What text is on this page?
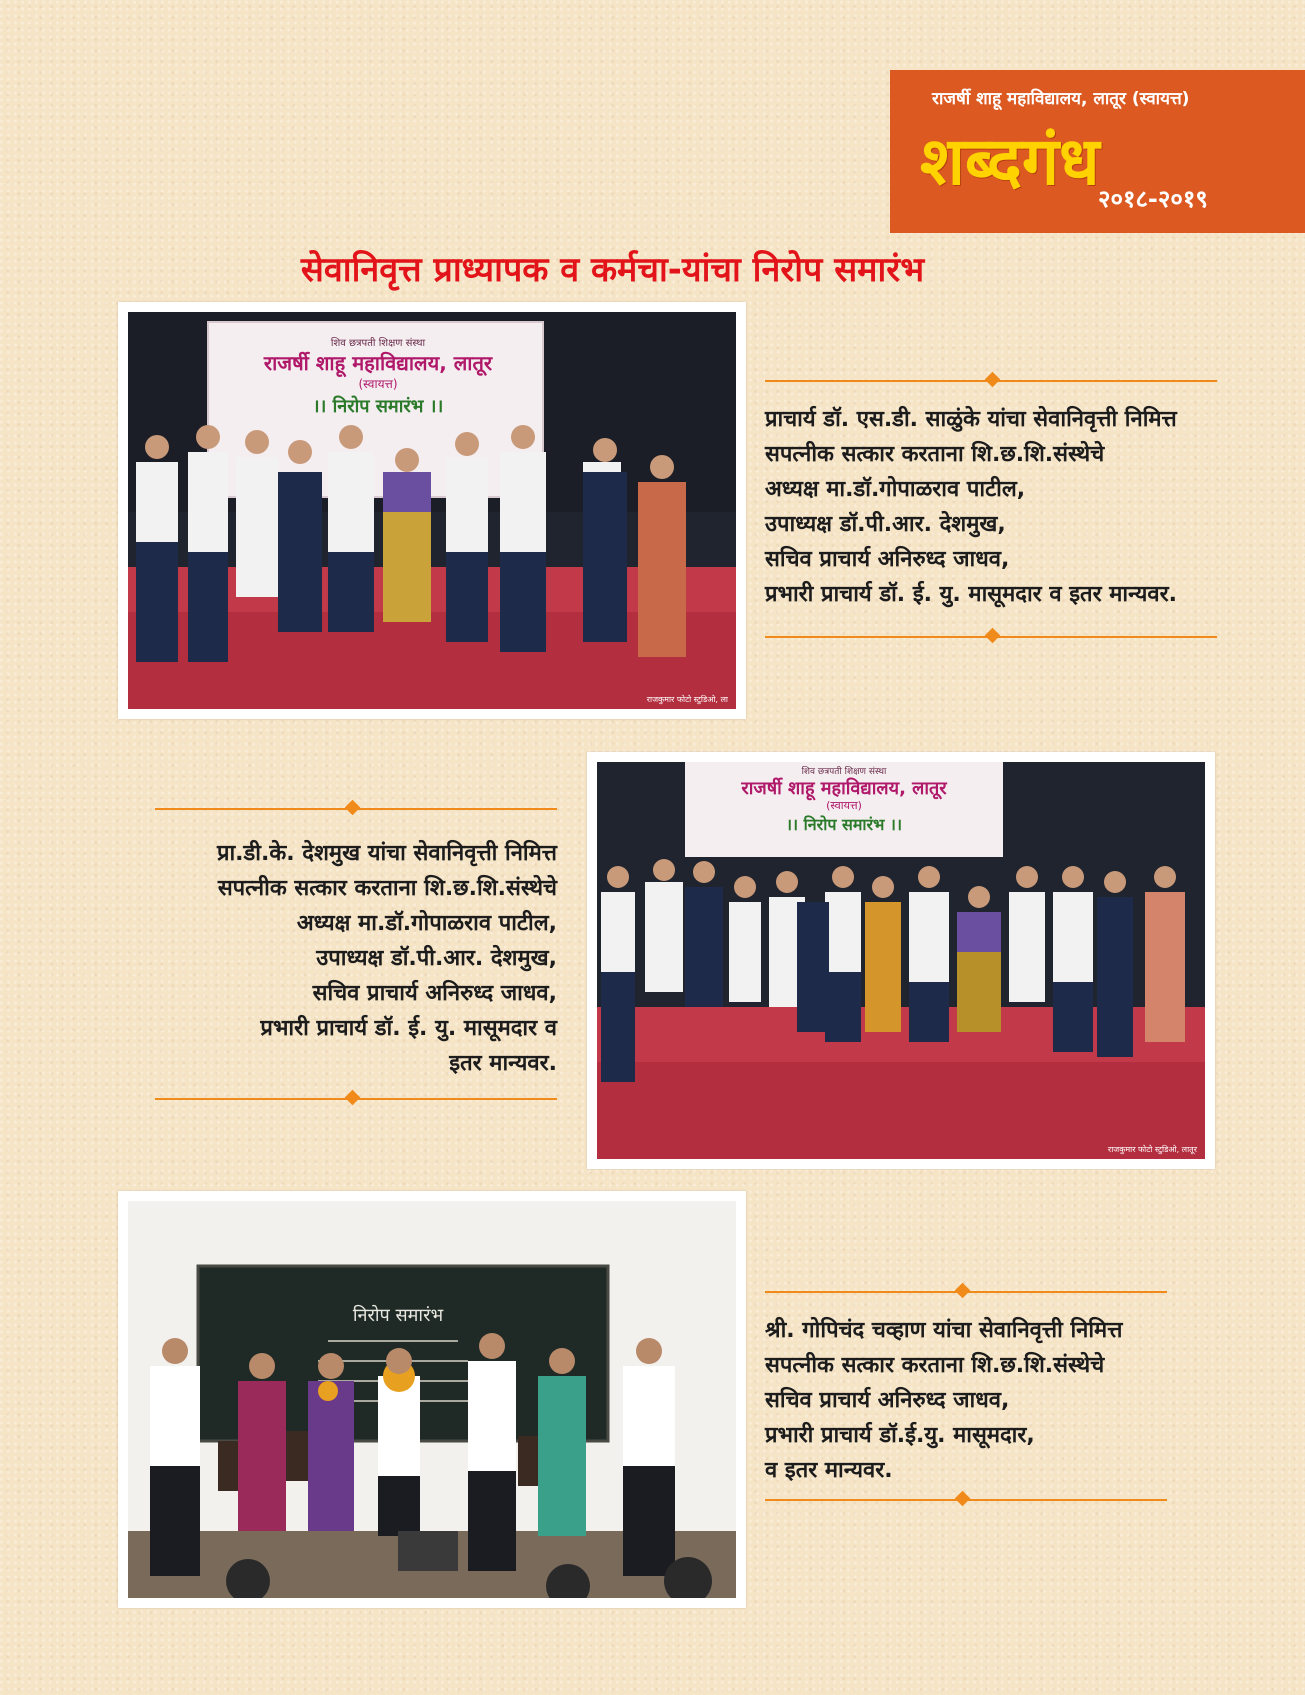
राजर्षी शाहू महाविद्यालय, लातूर (स्वायत्त)
शब्दगंध
२०१८-२०१९
सेवानिवृत्त प्राध्यापक व कर्मचा-यांचा निरोप समारंभ
शिव छत्रपती शिक्षण संस्था
राजर्षी शाहू महाविद्यालय, लातूर
(स्वायत्त)
।। निरोप समारंभ ।।
राजकुमार फोटो स्टुडिओ, ला
प्राचार्य डॉ. एस.डी. साळुंके यांचा सेवानिवृत्ती निमित्त
सपत्नीक सत्कार करताना शि.छ.शि.संस्थेचे
अध्यक्ष मा.डॉ.गोपाळराव पाटील,
उपाध्यक्ष डॉ.पी.आर. देशमुख,
सचिव प्राचार्य अनिरुध्द जाधव,
प्रभारी प्राचार्य डॉ. ई. यु. मासूमदार व इतर मान्यवर.
शिव छत्रपती शिक्षण संस्था
राजर्षी शाहू महाविद्यालय, लातूर
(स्वायत्त)
।। निरोप समारंभ ।।
राजकुमार फोटो स्टुडिओ, लातूर
प्रा.डी.के. देशमुख यांचा सेवानिवृत्ती निमित्त
सपत्नीक सत्कार करताना शि.छ.शि.संस्थेचे
अध्यक्ष मा.डॉ.गोपाळराव पाटील,
उपाध्यक्ष डॉ.पी.आर. देशमुख,
सचिव प्राचार्य अनिरुध्द जाधव,
प्रभारी प्राचार्य डॉ. ई. यु. मासूमदार व
इतर मान्यवर.
निरोप समारंभ
श्री. गोपिचंद चव्हाण यांचा सेवानिवृत्ती निमित्त
सपत्नीक सत्कार करताना शि.छ.शि.संस्थेचे
सचिव प्राचार्य अनिरुध्द जाधव,
प्रभारी प्राचार्य डॉ.ई.यु. मासूमदार,
व इतर मान्यवर.
